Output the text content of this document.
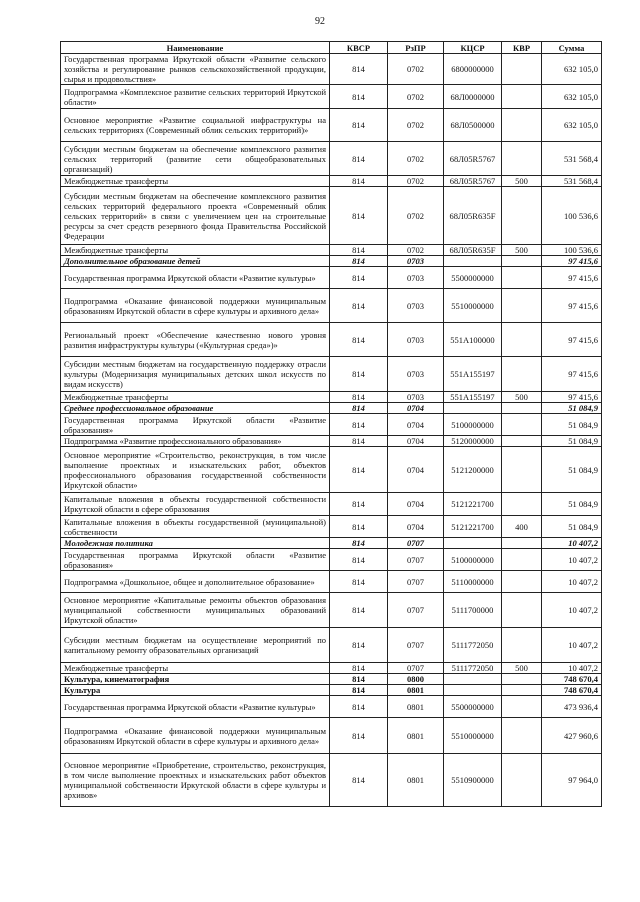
92
Наименование	КВСР	РзПР	КЦСР	КВР	Сумма
Государственная программа Иркутской области «Развитие сельского хозяйства и регулирование рынков сельскохозяйственной продукции, сырья и продовольствия»	814	0702	6800000000		632 105,0
Подпрограмма «Комплексное развитие сельских территорий Иркутской области»	814	0702	68Л0000000		632 105,0
Основное мероприятие «Развитие социальной инфраструктуры на сельских территориях (Современный облик сельских территорий)»	814	0702	68Л0500000		632 105,0
Субсидии местным бюджетам на обеспечение комплексного развития сельских территорий (развитие сети общеобразовательных организаций)	814	0702	68Л05R5767		531 568,4
Межбюджетные трансферты	814	0702	68Л05R5767	500	531 568,4
Субсидии местным бюджетам на обеспечение комплексного развития сельских территорий федерального проекта «Современный облик сельских территорий» в связи с увеличением цен на строительные ресурсы за счет средств резервного фонда Правительства Российской Федерации	814	0702	68Л05R635F		100 536,6
Межбюджетные трансферты	814	0702	68Л05R635F	500	100 536,6
Дополнительное образование детей	814	0703			97 415,6
Государственная программа Иркутской области «Развитие культуры»	814	0703	5500000000		97 415,6
Подпрограмма «Оказание финансовой поддержки муниципальным образованиям Иркутской области в сфере культуры и архивного дела»	814	0703	5510000000		97 415,6
Региональный проект «Обеспечение качественно нового уровня развития инфраструктуры культуры («Культурная среда»)»	814	0703	551A100000		97 415,6
Субсидии местным бюджетам на государственную поддержку отрасли культуры (Модернизация муниципальных детских школ искусств по видам искусств)	814	0703	551A155197		97 415,6
Межбюджетные трансферты	814	0703	551A155197	500	97 415,6
Среднее профессиональное образование	814	0704			51 084,9
Государственная программа Иркутской области «Развитие образования»	814	0704	5100000000		51 084,9
Подпрограмма «Развитие профессионального образования»	814	0704	5120000000		51 084,9
Основное мероприятие «Строительство, реконструкция, в том числе выполнение проектных и изыскательских работ, объектов профессионального образования государственной собственности Иркутской области»	814	0704	5121200000		51 084,9
Капитальные вложения в объекты государственной собственности Иркутской области в сфере образования	814	0704	5121221700		51 084,9
Капитальные вложения в объекты государственной (муниципальной) собственности	814	0704	5121221700	400	51 084,9
Молодежная политика	814	0707			10 407,2
Государственная программа Иркутской области «Развитие образования»	814	0707	5100000000		10 407,2
Подпрограмма «Дошкольное, общее и дополнительное образование»	814	0707	5110000000		10 407,2
Основное мероприятие «Капитальные ремонты объектов образования муниципальной собственности муниципальных образований Иркутской области»	814	0707	5111700000		10 407,2
Субсидии местным бюджетам на осуществление мероприятий по капитальному ремонту образовательных организаций	814	0707	5111772050		10 407,2
Межбюджетные трансферты	814	0707	5111772050	500	10 407,2
Культура, кинематография	814	0800			748 670,4
Культура	814	0801			748 670,4
Государственная программа Иркутской области «Развитие культуры»	814	0801	5500000000		473 936,4
Подпрограмма «Оказание финансовой поддержки муниципальным образованиям Иркутской области в сфере культуры и архивного дела»	814	0801	5510000000		427 960,6
Основное мероприятие «Приобретение, строительство, реконструкция, в том числе выполнение проектных и изыскательских работ объектов муниципальной собственности Иркутской области в сфере культуры и архивов»	814	0801	5510900000		97 964,0
